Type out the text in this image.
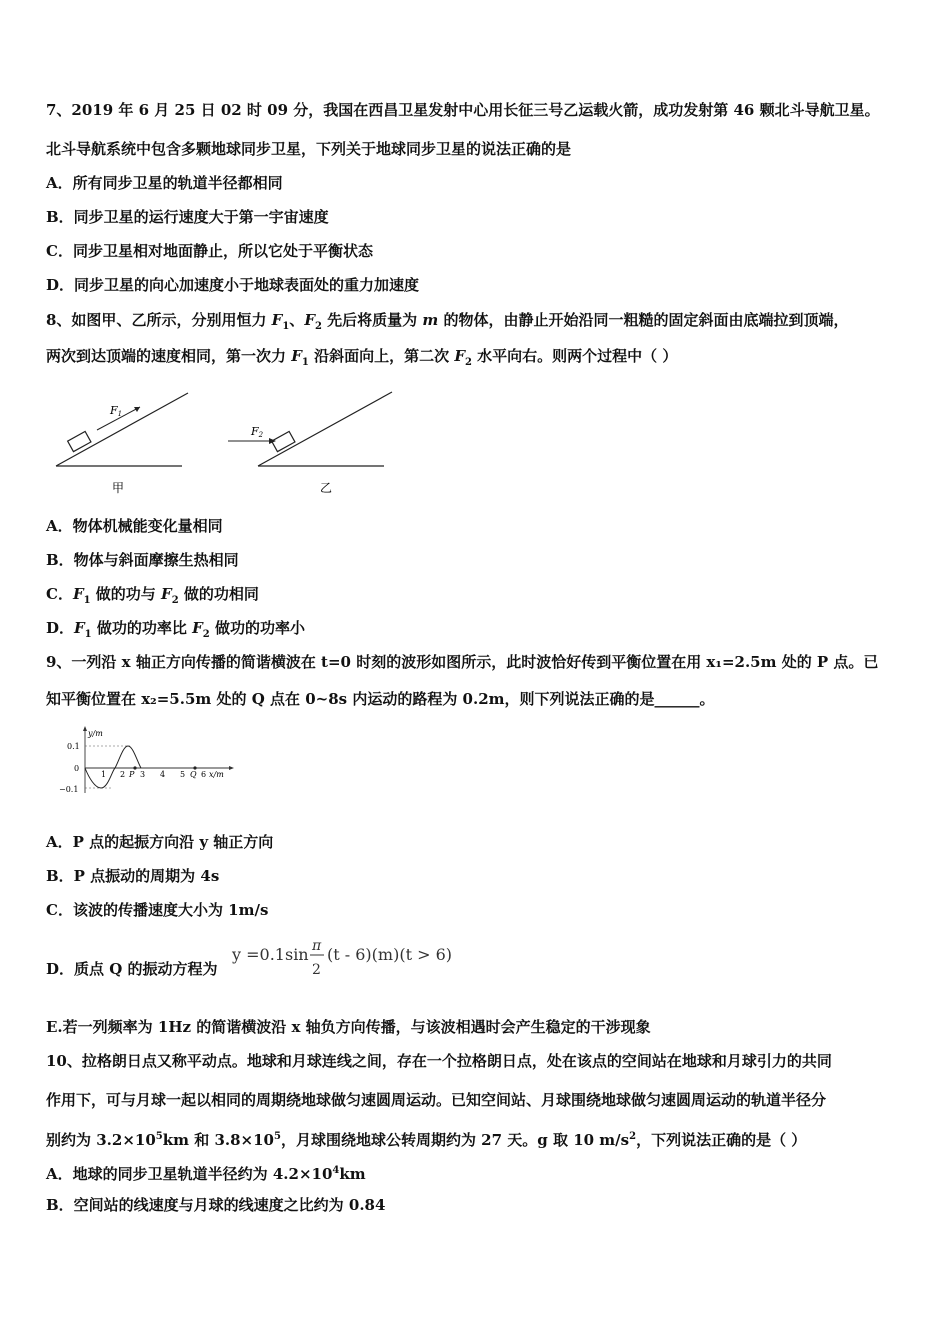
7、2019 年 6 月 25 日 02 时 09 分，我国在西昌卫星发射中心用长征三号乙运载火箭，成功发射第 46 颗北斗导航卫星。
北斗导航系统中包含多颗地球同步卫星，下列关于地球同步卫星的说法正确的是
A．所有同步卫星的轨道半径都相同
B．同步卫星的运行速度大于第一宇宙速度
C．同步卫星相对地面静止，所以它处于平衡状态
D．同步卫星的向心加速度小于地球表面处的重力加速度
8、如图甲、乙所示，分别用恒力 $F_1$、$F_2$ 先后将质量为 m 的物体，由静止开始沿同一粗糙的固定斜面由底端拉到顶端，
两次到达顶端的速度相同，第一次力 $F_1$ 沿斜面向上，第二次 $F_2$ 水平向右。则两个过程中（ ）
F1
甲
F2
乙
A．物体机械能变化量相同
B．物体与斜面摩擦生热相同
C．$F_1$ 做的功与 $F_2$ 做的功相同
D．$F_1$ 做功的功率比 $F_2$ 做功的功率小
9、一列沿 x 轴正方向传播的简谐横波在 t=0 时刻的波形如图所示，此时波恰好传到平衡位置在用 x₁=2.5m 处的 P 点。已
知平衡位置在 x₂=5.5m 处的 Q 点在 0~8s 内运动的路程为 0.2m，则下列说法正确的是______。
y/m
x/m
0.1
0
−0.1
1 2 P 3 4 5 Q 6
A．P 点的起振方向沿 y 轴正方向
B．P 点振动的周期为 4s
C．该波的传播速度大小为 1m/s
D．质点 Q 的振动方程为
y =0.1sin π
2
(t - 6)(m)(t > 6)
E.若一列频率为 1Hz 的简谐横波沿 x 轴负方向传播，与该波相遇时会产生稳定的干涉现象
10、拉格朗日点又称平动点。地球和月球连线之间，存在一个拉格朗日点，处在该点的空间站在地球和月球引力的共同
作用下，可与月球一起以相同的周期绕地球做匀速圆周运动。已知空间站、月球围绕地球做匀速圆周运动的轨道半径分
别约为 $3.2\times 10^5km$ 和 $3.8\times 10^5$，月球围绕地球公转周期约为 27 天。g 取 10 $m/s^2$，下列说法正确的是（ ）
A．地球的同步卫星轨道半径约为 $4.2\times 10^4km$
B．空间站的线速度与月球的线速度之比约为 0.84
